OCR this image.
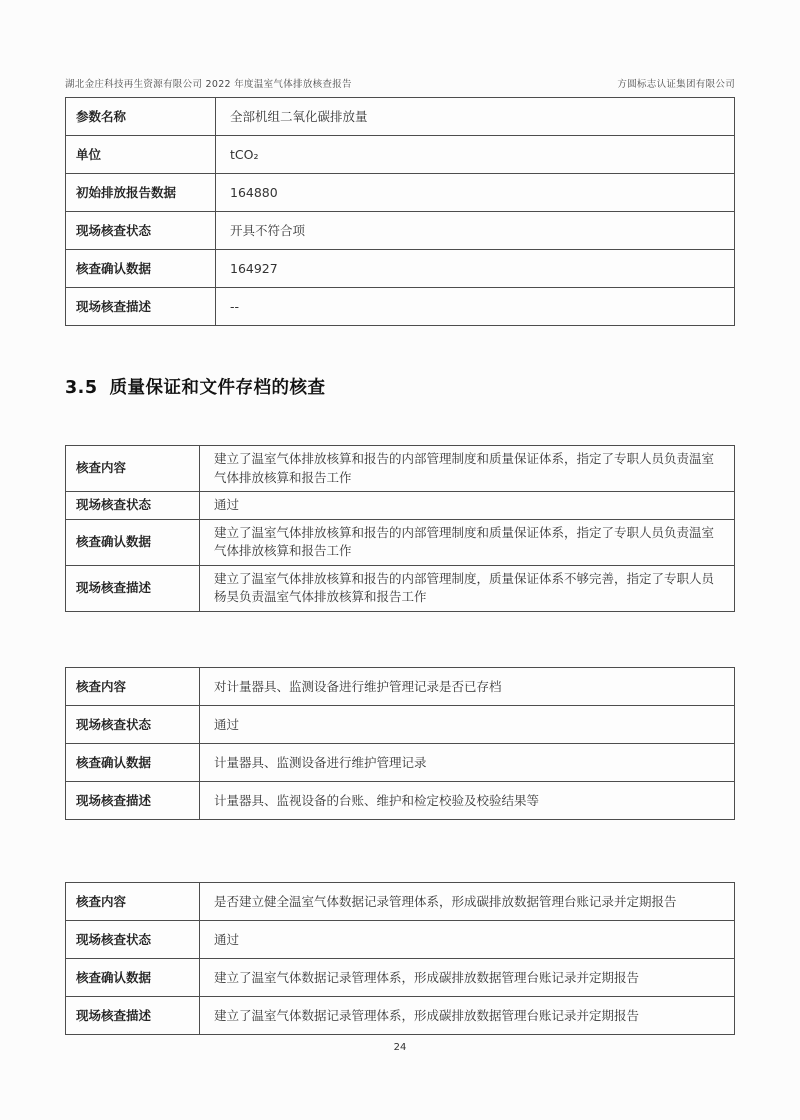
湖北金庄科技再生资源有限公司 2022 年度温室气体排放核查报告	方圆标志认证集团有限公司
参数名称	全部机组二氧化碳排放量
单位	tCO₂
初始排放报告数据	164880
现场核查状态	开具不符合项
核查确认数据	164927
现场核查描述	--
3.5 质量保证和文件存档的核查
核查内容	建立了温室气体排放核算和报告的内部管理制度和质量保证体系，指定了专职人员负责温室气体排放核算和报告工作
现场核查状态	通过
核查确认数据	建立了温室气体排放核算和报告的内部管理制度和质量保证体系，指定了专职人员负责温室气体排放核算和报告工作
现场核查描述	建立了温室气体排放核算和报告的内部管理制度，质量保证体系不够完善，指定了专职人员杨昊负责温室气体排放核算和报告工作
核查内容	对计量器具、监测设备进行维护管理记录是否已存档
现场核查状态	通过
核查确认数据	计量器具、监测设备进行维护管理记录
现场核查描述	计量器具、监视设备的台账、维护和检定校验及校验结果等
核查内容	是否建立健全温室气体数据记录管理体系，形成碳排放数据管理台账记录并定期报告
现场核查状态	通过
核查确认数据	建立了温室气体数据记录管理体系，形成碳排放数据管理台账记录并定期报告
现场核查描述	建立了温室气体数据记录管理体系，形成碳排放数据管理台账记录并定期报告
24
